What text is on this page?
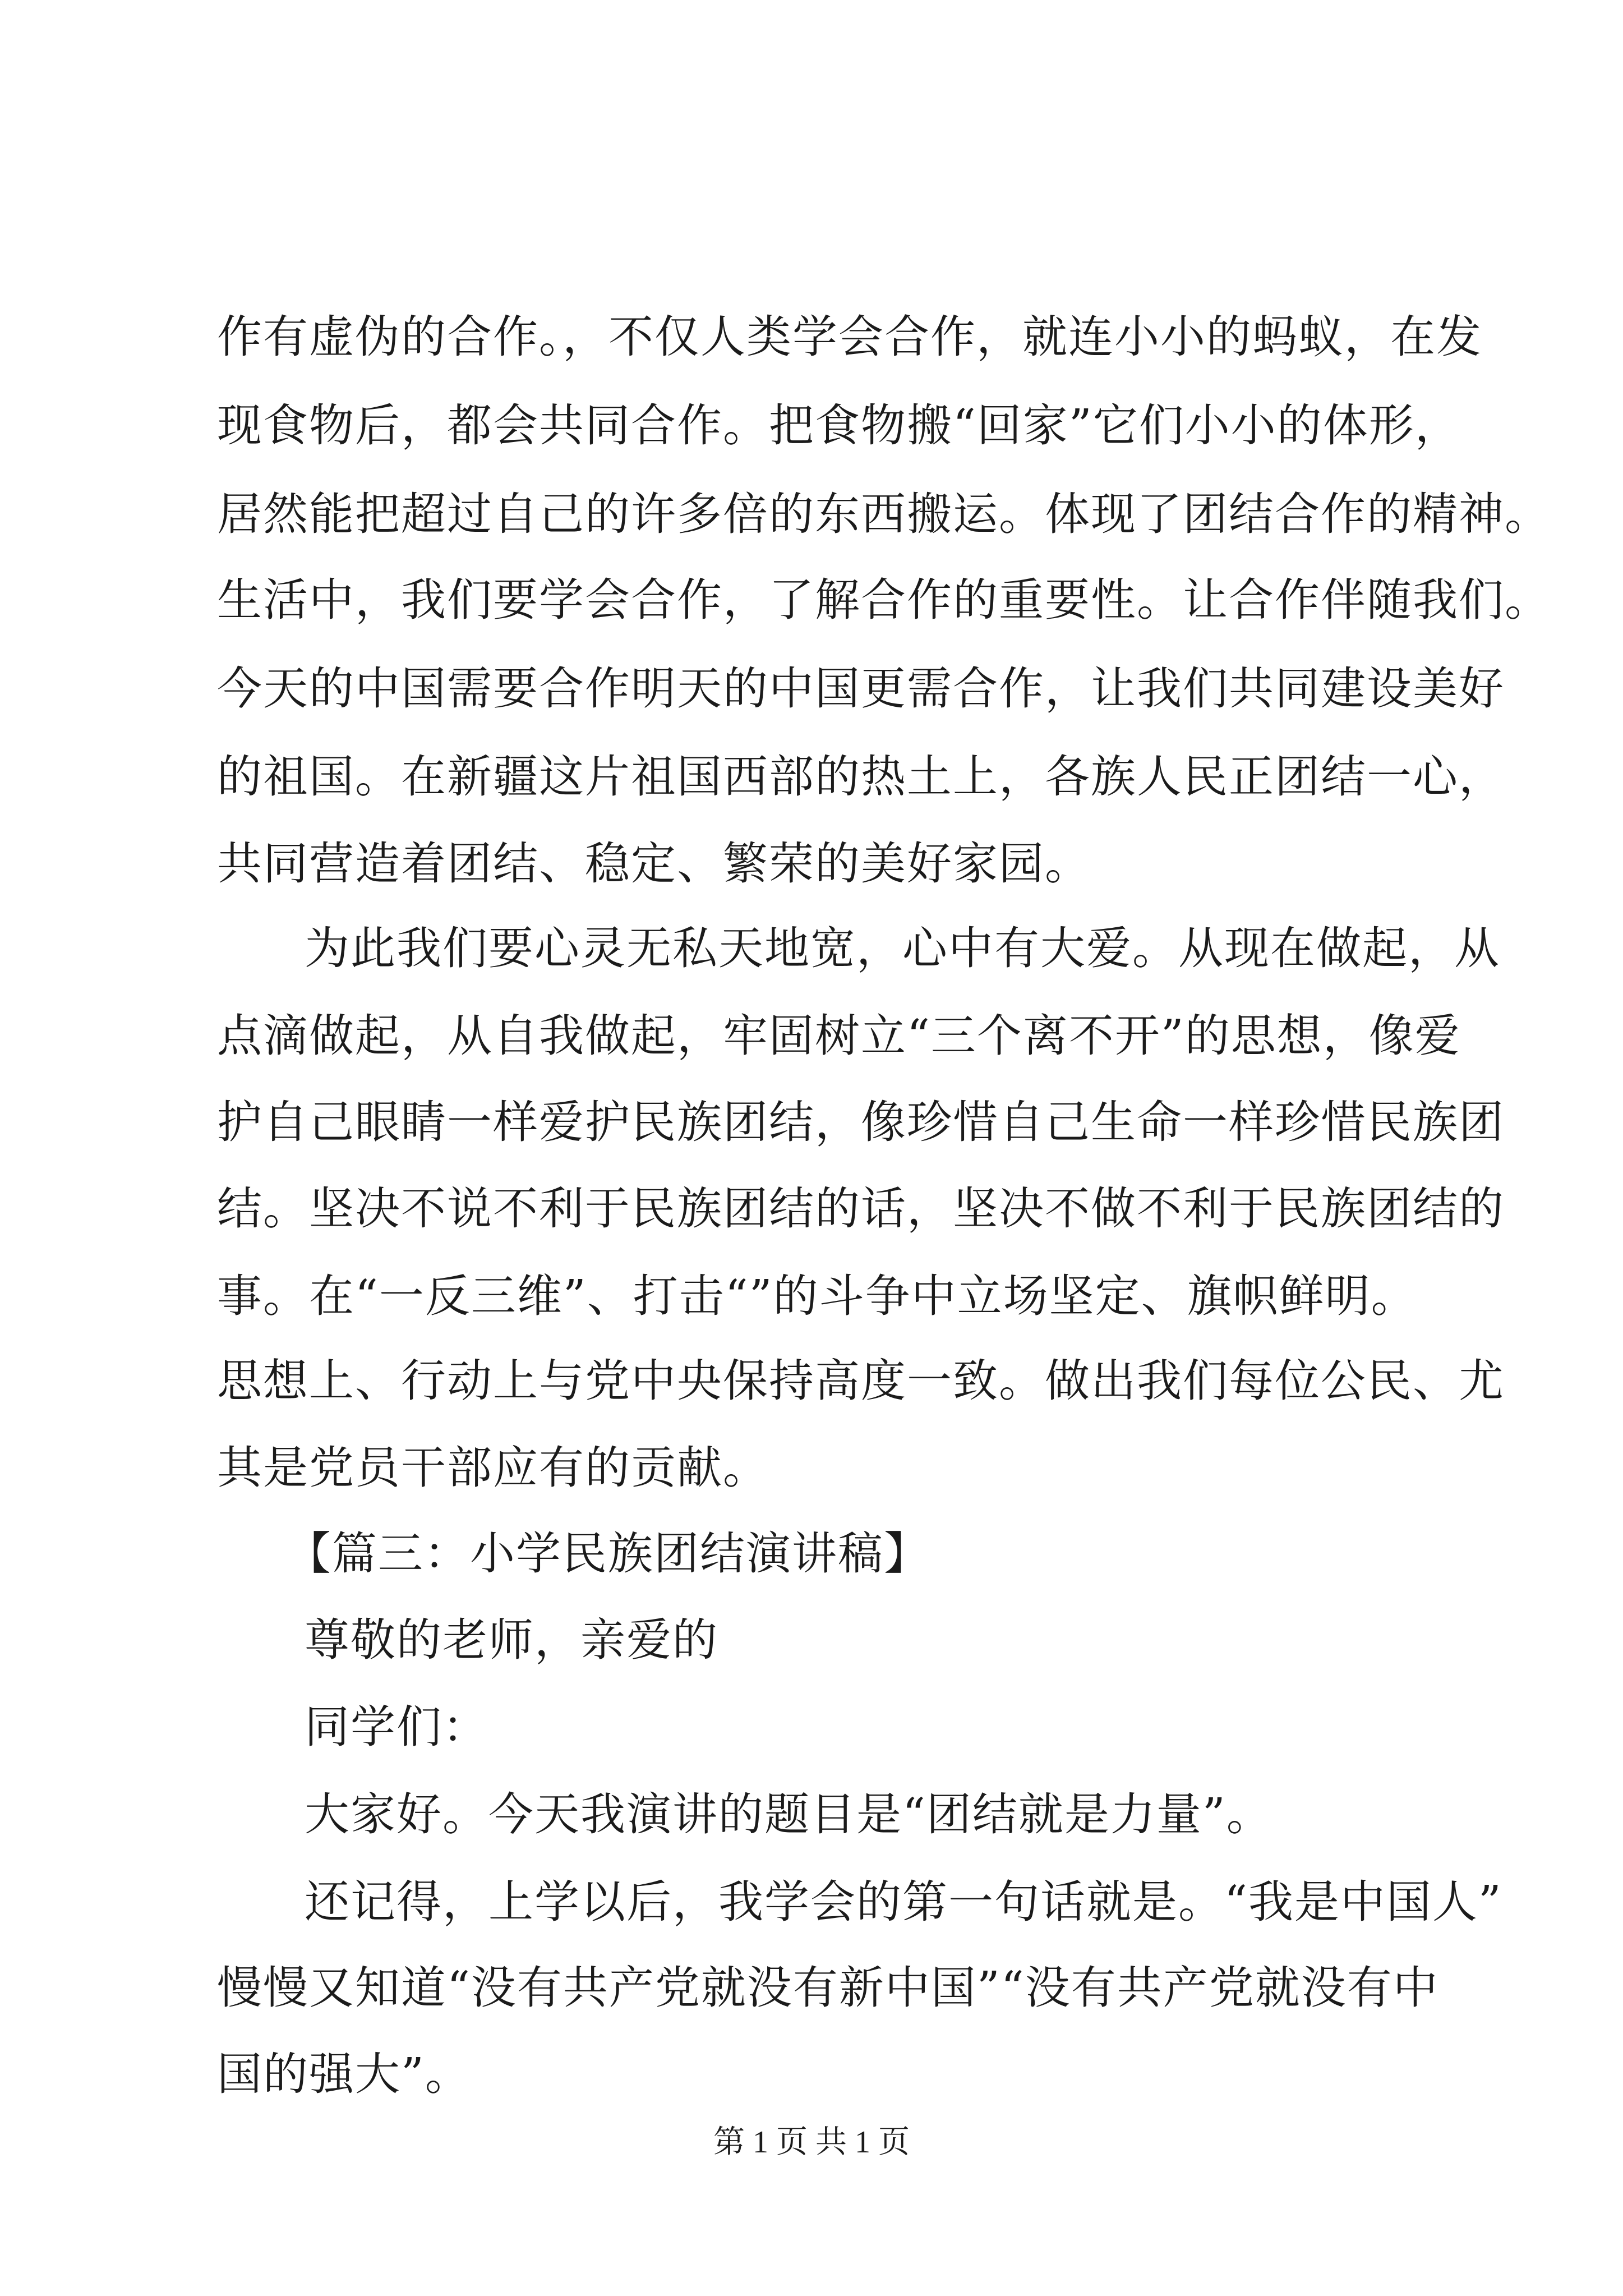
作有虚伪的合作。，不仅人类学会合作，就连小小的蚂蚁，在发
现食物后，都会共同合作。把食物搬“回家”它们小小的体形，
居然能把超过自己的许多倍的东西搬运。体现了团结合作的精神。
生活中，我们要学会合作，了解合作的重要性。让合作伴随我们。
今天的中国需要合作明天的中国更需合作，让我们共同建设美好
的祖国。在新疆这片祖国西部的热土上，各族人民正团结一心，
共同营造着团结、稳定、繁荣的美好家园。
为此我们要心灵无私天地宽，心中有大爱。从现在做起，从
点滴做起，从自我做起，牢固树立“三个离不开”的思想，像爱
护自己眼睛一样爱护民族团结，像珍惜自己生命一样珍惜民族团
结。坚决不说不利于民族团结的话，坚决不做不利于民族团结的
事。在“一反三维”、打击“”的斗争中立场坚定、旗帜鲜明。
思想上、行动上与党中央保持高度一致。做出我们每位公民、尤
其是党员干部应有的贡献。
【篇三：小学民族团结演讲稿】
尊敬的老师，亲爱的
同学们：
大家好。今天我演讲的题目是“团结就是力量”。
还记得，上学以后，我学会的第一句话就是。“我是中国人”
慢慢又知道“没有共产党就没有新中国”“没有共产党就没有中
国的强大”。
第 1 页 共 1 页
